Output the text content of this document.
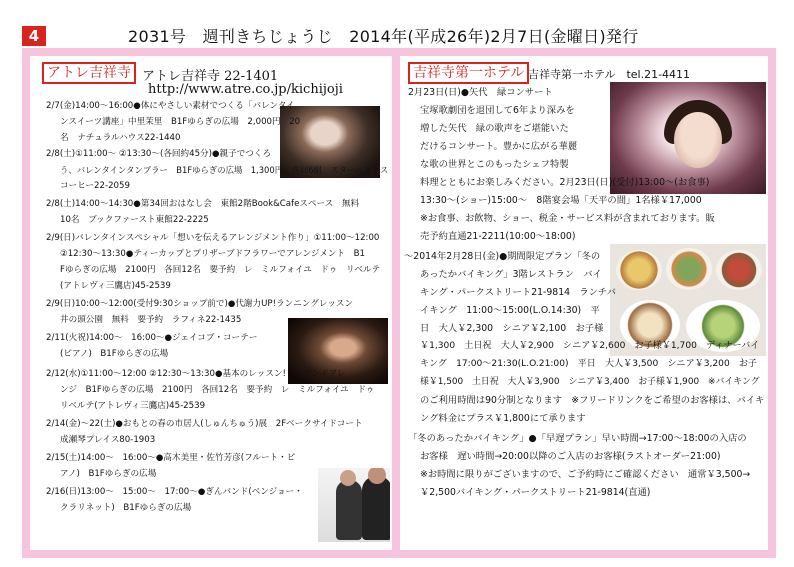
4	2031号　週刊きちじょうじ　2014年(平成26年)2月7日(金曜日)発行
アトレ吉祥寺 アトレ吉祥寺 22-1401
http://www.atre.co.jp/kichijoji
2/7(金)14:00～16:00●体にやさしい素材でつくる「バレンタイ
ンスイーツ講座」中里茉里　B1Fゆらぎの広場　2,000円　20
名　ナチュラルハウス22-1440
2/8(土)①11:00～ ②13:30～(各回約45分)●親子でつくろ
う、バレンタインタンブラー　B1Fゆらぎの広場　1,300円　各回6組　スターバックス
コーヒー22-2059
2/8(土)14:00～14:30●第34回おはなし会　東館2階Book&Cafeスペース　無料
10名　ブックファースト東館22-2225
2/9(日)バレンタインスペシャル「想いを伝えるアレンジメント作り」①11:00～12:00
②12:30～13:30●ティーカップとプリザーブドフラワーでアレンジメント　B1
Fゆらぎの広場　2100円　各回12名　要予約　レ　ミルフォイユ　ドゥ　リベルテ
(アトレヴィ三鷹店)45-2539
2/9(日)10:00～12:00(受付9:30ショップ前で)●代謝力UP!ランニングレッスン
井の頭公園　無料　要予約　ラフィネ22-1435
2/11(火祝)14:00～　16:00～●ジェイコブ・コーテー
(ピアノ)　B1Fゆらぎの広場
2/12(水)①11:00～12:00 ②12:30～13:30●基本のレッスン!「ラウンドアレ
ンジ　B1Fゆらぎの広場　2100円　各回12名　要予約　レ　ミルフォイユ　ドゥ
リベルテ(アトレヴィ三鷹店)45-2539
2/14(金)～22(土)●おもとの春の市居人(しゅんちゅう)展　2Fベークサイドコート
成瀬琴プレイス80-1903
2/15(土)14:00～　16:00～●高木美里・佐竹芳彦(フルート・ピ
アノ)　B1Fゆらぎの広場
2/16(日)13:00～　15:00～　17:00～●ぎんバンド(ベンジョー・
クラリネット)　B1Fゆらぎの広場
吉祥寺第一ホテル 吉祥寺第一ホテル　tel.21-4411
2月23日(日)●矢代　緑コンサート
宝塚歌劇団を退団して6年より深みを
増した矢代　緑の歌声をご堪能いた
だけるコンサート。豊かに広がる華麗
な歌の世界とこのもったシェフ特製
料理とともにお楽しみください。2月23日(日)(受付)13:00～(お食事)
13:30～(ショー)15:00～　8階宴会場「天平の間」1名様￥17,000
※お食事、お飲物、ショー、税金・サービス料が含まれております。販
売予約直通21-2211(10:00～18:00)
～2014年2月28日(金)●期間限定プラン「冬の
あったかバイキング」3階レストラン　バイ
キング・パークストリート21-9814　ランチバ
イキング　11:00～15:00(L.O.14:30)　平
日　大人￥2,300　シニア￥2,100　お子様
￥1,300　土日祝　大人￥2,900　シニア￥2,600　お子様￥1,700　ディナーバイ
キング　17:00～21:30(L.O.21:00)　平日　大人￥3,500　シニア￥3,200　お子
様￥1,500　土日祝　大人￥3,900　シニア￥3,400　お子様￥1,900　※バイキング
のご利用時間は90分制となります　※フリードリンクをご希望のお客様は、バイキ
ング料金にプラス￥1,800にて承ります
「冬のあったかバイキング」●「早遅プラン」早い時間→17:00～18:00の入店の
お客様　遅い時間→20:00以降のご入店のお客様(ラストオーダー21:00)
※お時間に限りがございますので、ご予約時にご確認ください　通常￥3,500→
￥2,500バイキング・パークストリート21-9814(直通)
